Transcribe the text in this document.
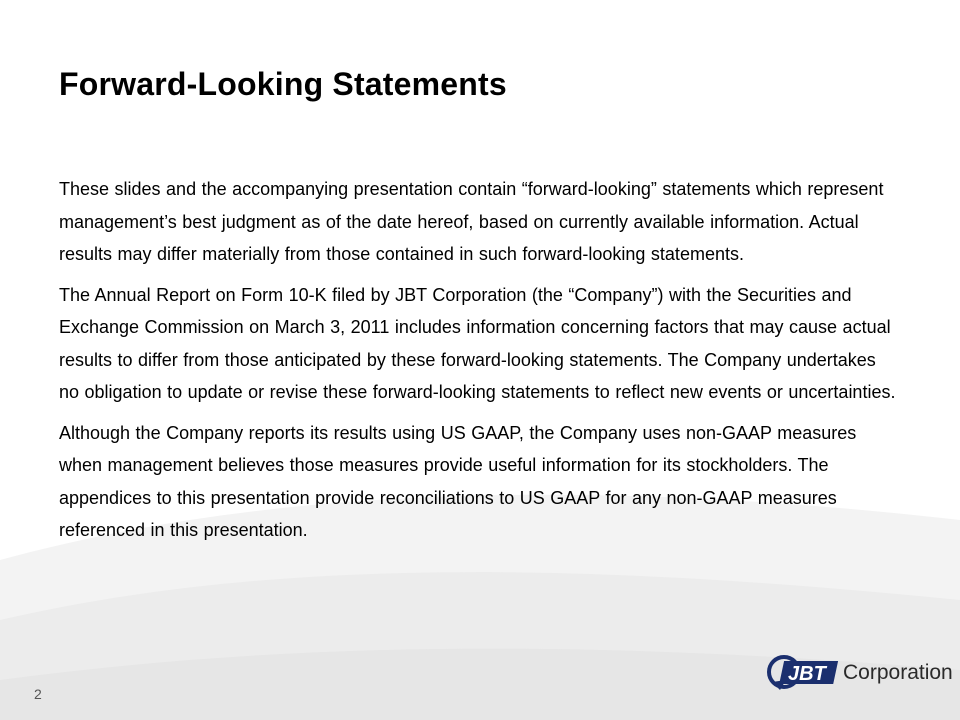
Forward-Looking Statements

These slides and the accompanying presentation contain “forward-looking” statements which represent management’s best judgment as of the date hereof, based on currently available information. Actual results may differ materially from those contained in such forward-looking statements.

The Annual Report on Form 10-K filed by JBT Corporation (the “Company”) with the Securities and Exchange Commission on March 3, 2011 includes information concerning factors that may cause actual results to differ from those anticipated by these forward-looking statements. The Company undertakes no obligation to update or revise these forward-looking statements to reflect new events or uncertainties.

Although the Company reports its results using US GAAP, the Company uses non-GAAP measures when management believes those measures provide useful information for its stockholders. The appendices to this presentation provide reconciliations to US GAAP for any non-GAAP measures referenced in this presentation.

2
JBT Corporation
